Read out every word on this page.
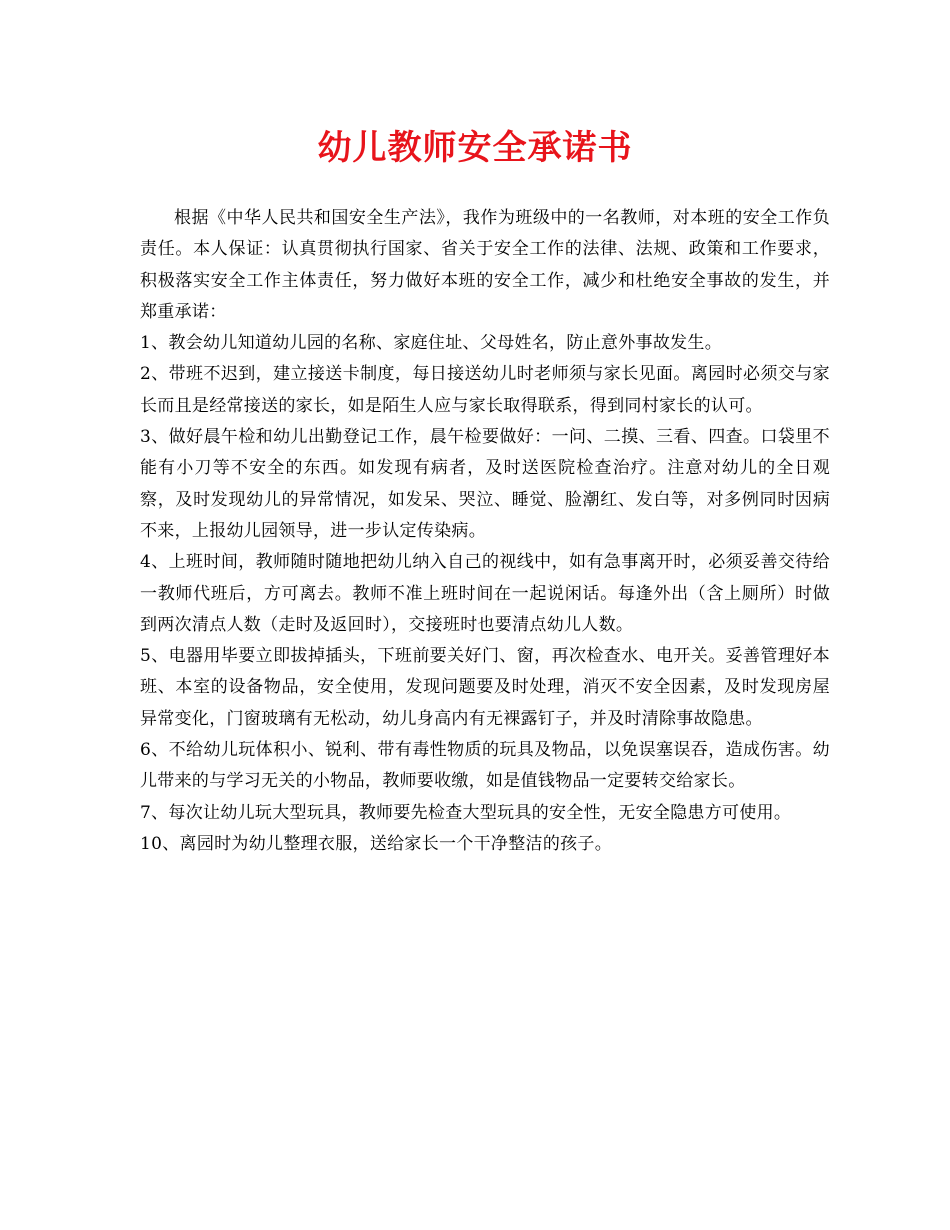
幼儿教师安全承诺书

根据《中华人民共和国安全生产法》，我作为班级中的一名教师，对本班的安全工作负责任。本人保证：认真贯彻执行国家、省关于安全工作的法律、法规、政策和工作要求，积极落实安全工作主体责任，努力做好本班的安全工作，减少和杜绝安全事故的发生，并郑重承诺：

1、教会幼儿知道幼儿园的名称、家庭住址、父母姓名，防止意外事故发生。

2、带班不迟到，建立接送卡制度，每日接送幼儿时老师须与家长见面。离园时必须交与家长而且是经常接送的家长，如是陌生人应与家长取得联系，得到同村家长的认可。

3、做好晨午检和幼儿出勤登记工作，晨午检要做好：一问、二摸、三看、四查。口袋里不能有小刀等不安全的东西。如发现有病者，及时送医院检查治疗。注意对幼儿的全日观察，及时发现幼儿的异常情况，如发呆、哭泣、睡觉、脸潮红、发白等，对多例同时因病不来，上报幼儿园领导，进一步认定传染病。

4、上班时间，教师随时随地把幼儿纳入自己的视线中，如有急事离开时，必须妥善交待给一教师代班后，方可离去。教师不准上班时间在一起说闲话。每逢外出（含上厕所）时做到两次清点人数（走时及返回时），交接班时也要清点幼儿人数。

5、电器用毕要立即拔掉插头，下班前要关好门、窗，再次检查水、电开关。妥善管理好本班、本室的设备物品，安全使用，发现问题要及时处理，消灭不安全因素，及时发现房屋异常变化，门窗玻璃有无松动，幼儿身高内有无裸露钉子，并及时清除事故隐患。

6、不给幼儿玩体积小、锐利、带有毒性物质的玩具及物品，以免误塞误吞，造成伤害。幼儿带来的与学习无关的小物品，教师要收缴，如是值钱物品一定要转交给家长。

7、每次让幼儿玩大型玩具，教师要先检查大型玩具的安全性，无安全隐患方可使用。

10、离园时为幼儿整理衣服，送给家长一个干净整洁的孩子。
